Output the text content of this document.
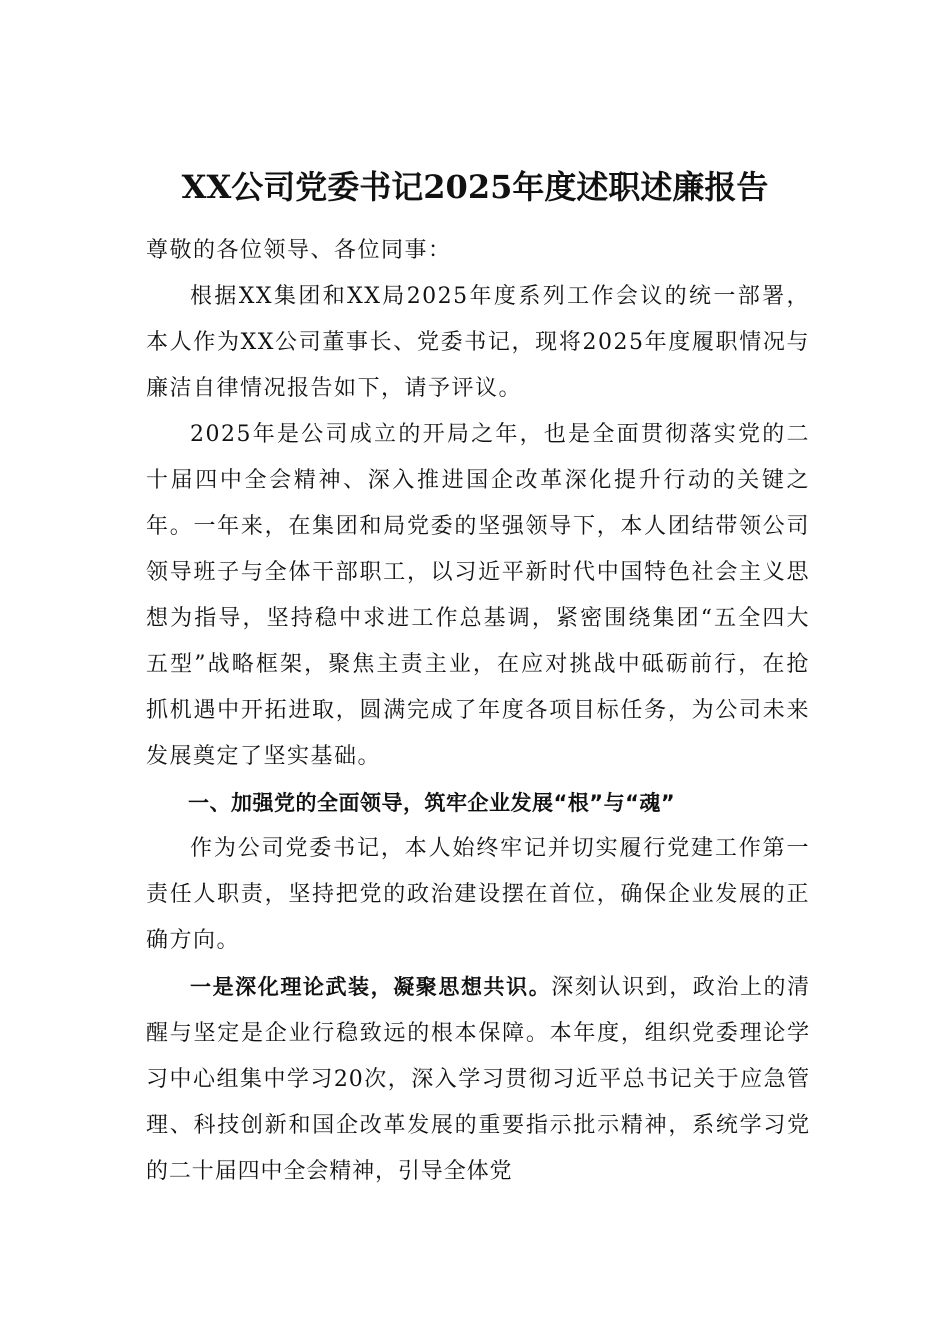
XX公司党委书记2025年度述职述廉报告

尊敬的各位领导、各位同事：

根据XX集团和XX局2025年度系列工作会议的统一部署，本人作为XX公司董事长、党委书记，现将2025年度履职情况与廉洁自律情况报告如下，请予评议。

2025年是公司成立的开局之年，也是全面贯彻落实党的二十届四中全会精神、深入推进国企改革深化提升行动的关键之年。一年来，在集团和局党委的坚强领导下，本人团结带领公司领导班子与全体干部职工，以习近平新时代中国特色社会主义思想为指导，坚持稳中求进工作总基调，紧密围绕集团“五全四大五型”战略框架，聚焦主责主业，在应对挑战中砥砺前行，在抢抓机遇中开拓进取，圆满完成了年度各项目标任务，为公司未来发展奠定了坚实基础。

一、加强党的全面领导，筑牢企业发展“根”与“魂”

作为公司党委书记，本人始终牢记并切实履行党建工作第一责任人职责，坚持把党的政治建设摆在首位，确保企业发展的正确方向。

一是深化理论武装，凝聚思想共识。深刻认识到，政治上的清醒与坚定是企业行稳致远的根本保障。本年度，组织党委理论学习中心组集中学习20次，深入学习贯彻习近平总书记关于应急管理、科技创新和国企改革发展的重要指示批示精神，系统学习党的二十届四中全会精神，引导全体党
